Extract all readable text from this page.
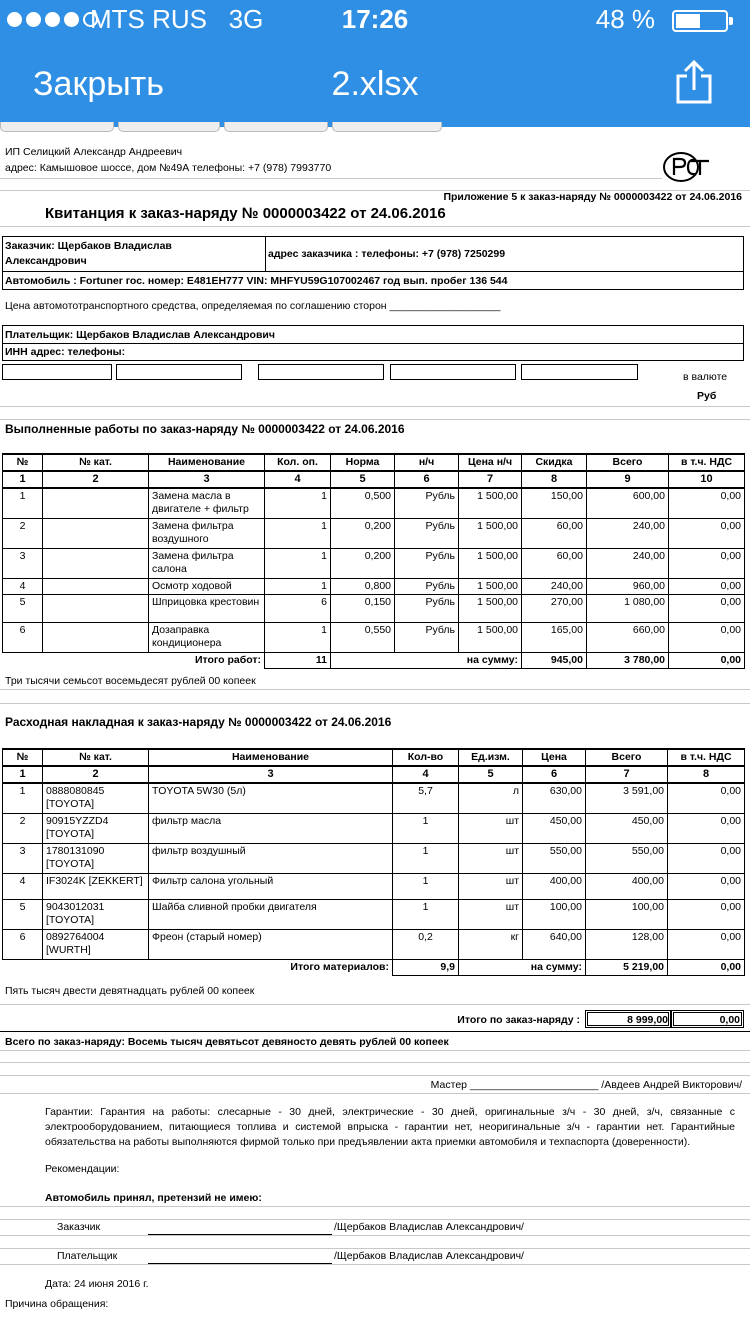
MTS RUS 3G	17:26	48 %
Закрыть	2.xlsx
ИП Селицкий Александр Андреевич
адрес: Камышовое шоссе, дом №49А телефоны: +7 (978) 7993770
Приложение 5 к заказ-наряду № 0000003422 от 24.06.2016
Квитанция к заказ-наряду № 0000003422 от 24.06.2016
Заказчик: Щербаков Владислав
Александрович
адрес заказчика : телефоны: +7 (978) 7250299
Автомобиль : Fortuner гос. номер: Е481ЕН777 VIN: MHFYU59G107002467 год вып. пробег 136 544
Цена автомототранспортного средства, определяемая по соглашению сторон ___________________
Плательщик: Щербаков Владислав Александрович
ИНН адрес: телефоны:
в валюте
Руб
Выполненные работы по заказ-наряду № 0000003422 от 24.06.2016
№	№ кат.	Наименование	Кол. оп.	Норма	н/ч	Цена н/ч	Скидка	Всего	в т.ч. НДС
1	2	3	4	5	6	7	8	9	10
1		Замена масла в двигателе + фильтр	1	0,500	Рубль	1 500,00	150,00	600,00	0,00
2		Замена фильтра воздушного	1	0,200	Рубль	1 500,00	60,00	240,00	0,00
3		Замена фильтра салона	1	0,200	Рубль	1 500,00	60,00	240,00	0,00
4		Осмотр ходовой	1	0,800	Рубль	1 500,00	240,00	960,00	0,00
5		Шприцовка крестовин	6	0,150	Рубль	1 500,00	270,00	1 080,00	0,00
6		Дозаправка кондиционера	1	0,550	Рубль	1 500,00	165,00	660,00	0,00
Итого работ:			11	на сумму:			945,00	3 780,00	0,00
Три тысячи семьсот восемьдесят рублей 00 копеек
Расходная накладная к заказ-наряду № 0000003422 от 24.06.2016
№	№ кат.	Наименование	Кол-во	Ед.изм.	Цена	Всего	в т.ч. НДС
1	2	3	4	5	6	7	8
1	0888080845 [TOYOTA]	TOYOTA 5W30 (5л)	5,7	л	630,00	3 591,00	0,00
2	90915YZZD4 [TOYOTA]	фильтр масла	1	шт	450,00	450,00	0,00
3	1780131090 [TOYOTA]	фильтр воздушный	1	шт	550,00	550,00	0,00
4	IF3024K [ZEKKERT]	Фильтр салона угольный	1	шт	400,00	400,00	0,00
5	9043012031 [TOYOTA]	Шайба сливной пробки двигателя	1	шт	100,00	100,00	0,00
6	0892764004 [WURTH]	Фреон (старый номер)	0,2	кг	640,00	128,00	0,00
Итого материалов:			9,9	на сумму:		5 219,00	0,00
Пять тысяч двести девятнадцать рублей 00 копеек
Итого по заказ-наряду :	8 999,00	0,00
Всего по заказ-наряду: Восемь тысяч девятьсот девяносто девять рублей 00 копеек
Мастер ______________________ /Авдеев Андрей Викторович/
Гарантии: Гарантия на работы: слесарные - 30 дней, электрические - 30 дней, оригинальные з/ч - 30 дней, з/ч, связанные с электрооборудованием, питающиеся топлива и системой впрыска - гарантии нет, неоригинальные з/ч - гарантии нет. Гарантийные обязательства на работы выполняются фирмой только при предъявлении акта приемки автомобиля и техпаспорта (доверенности).
Рекомендации:
Автомобиль принял, претензий не имею:
Заказчик	/Щербаков Владислав Александрович/
Плательщик	/Щербаков Владислав Александрович/
Дата: 24 июня 2016 г.
Причина обращения:
